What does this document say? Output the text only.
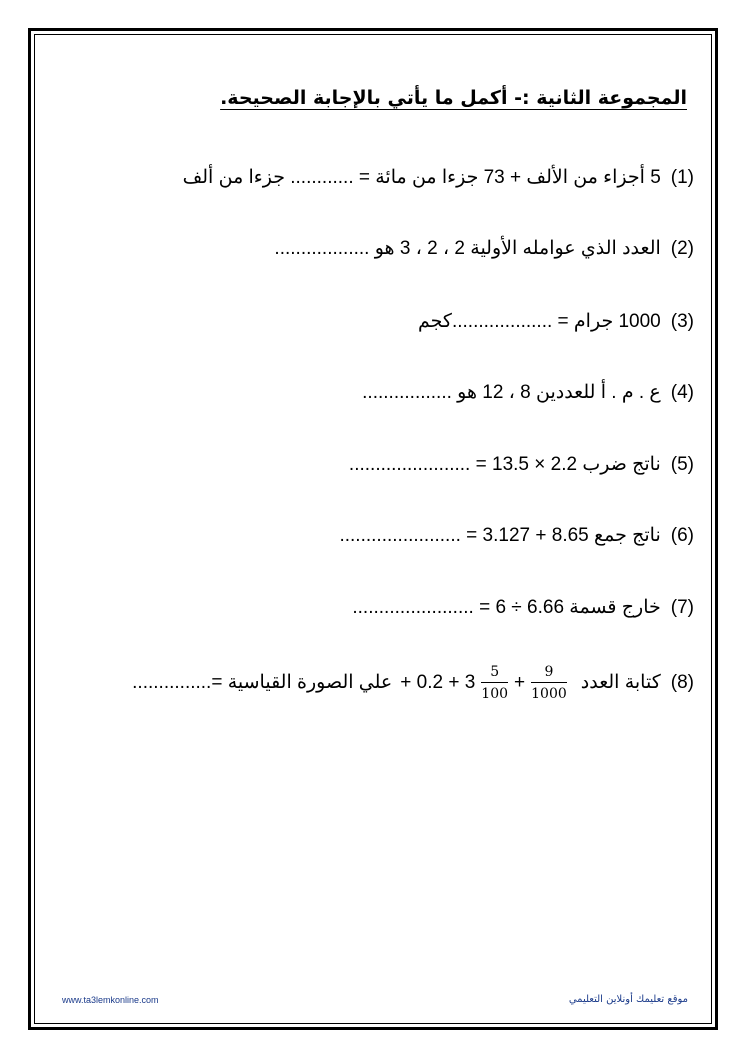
المجموعة الثانية :- أكمل ما يأتي بالإجابة الصحيحة.
(1)5 أجزاء من الألف + 73 جزءا من مائة = ............ جزءا من ألف
(2)العدد الذي عوامله الأولية 2 ، 2 ، 3 هو ..................
(3)1000 جرام = ...................كجم
(4)ع . م . أ للعددين 8 ، 12 هو .................
(5)ناتج ضرب 2.2 × 13.5 = .......................
(6)ناتج جمع 8.65 + 3.127 = .......................
(7)خارج قسمة 6.66 ÷ 6 = .......................
(8)كتابة العدد
$\frac{9}{1000}$
+
$\frac{5}{100}$
+ 0.2 + 3علي الصورة القياسية =...............
www.ta3lemkonline.com	موقع تعليمك أونلاين التعليمي
